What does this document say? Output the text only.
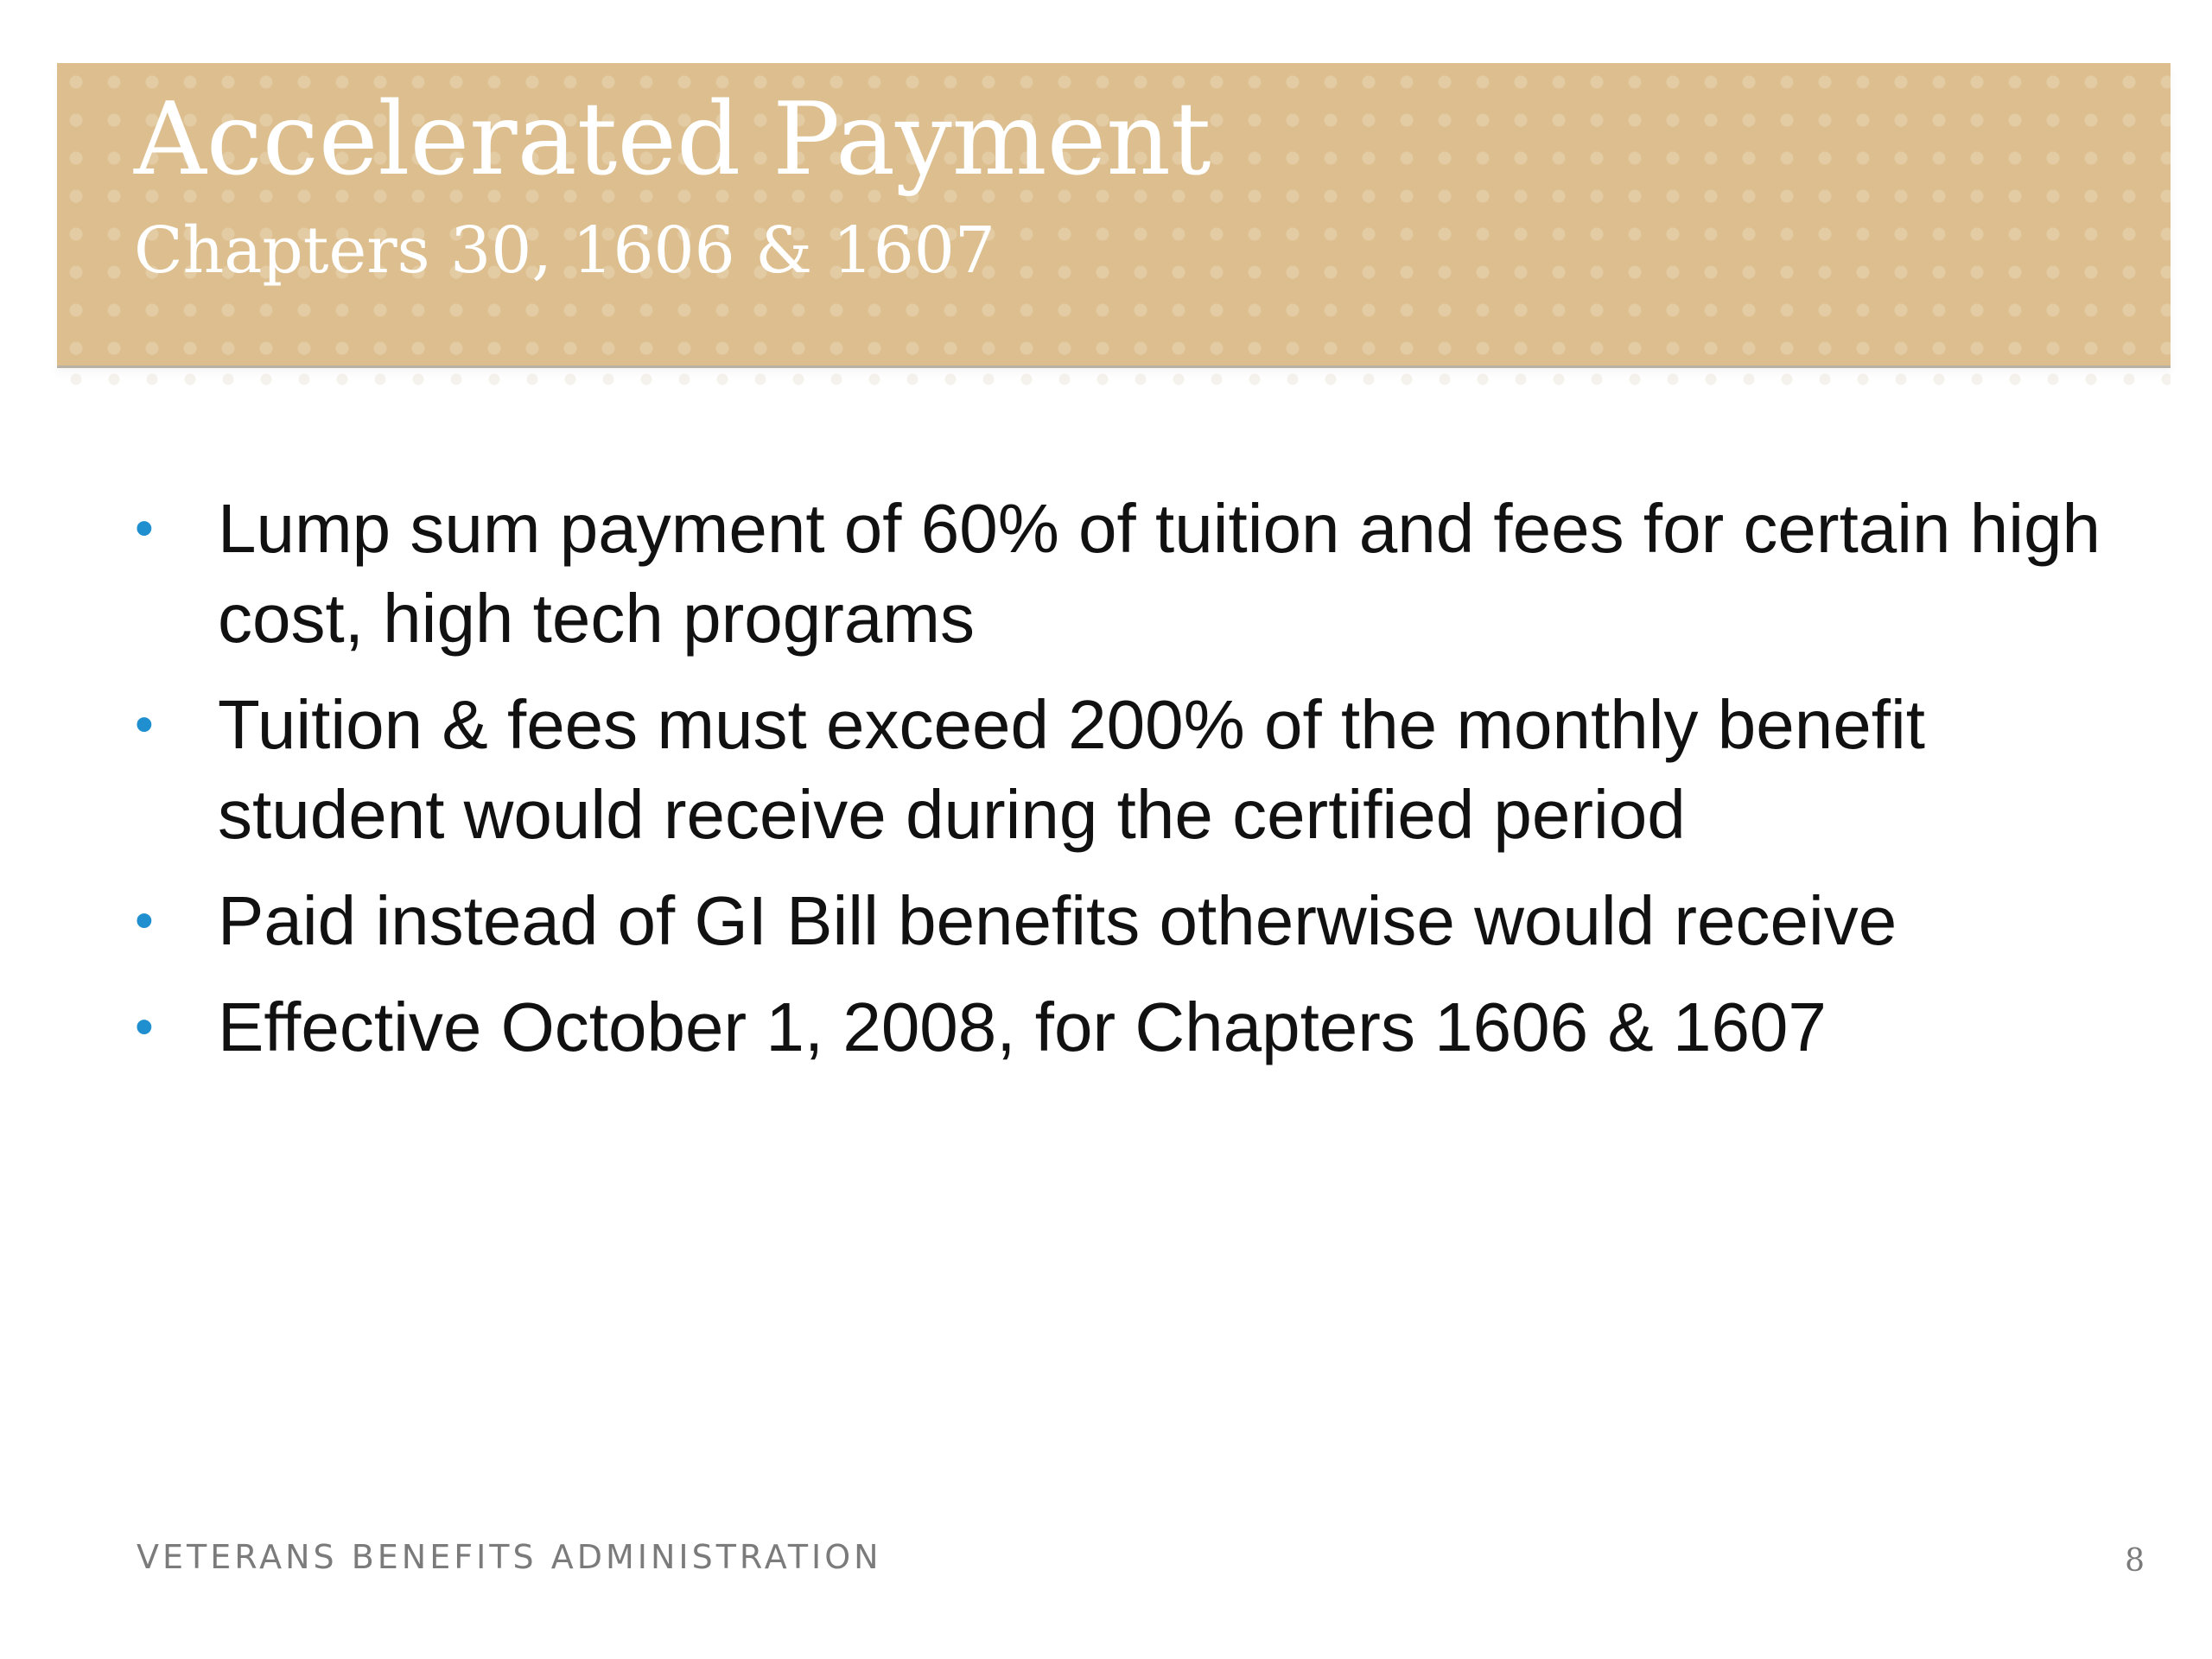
Accelerated Payment
Chapters 30, 1606 & 1607
• Lump sum payment of 60% of tuition and fees for certain high cost, high tech programs
• Tuition & fees must exceed 200% of the monthly benefit student would receive during the certified period
• Paid instead of GI Bill benefits otherwise would receive
• Effective October 1, 2008, for Chapters 1606 & 1607
VETERANS BENEFITS ADMINISTRATION	8
